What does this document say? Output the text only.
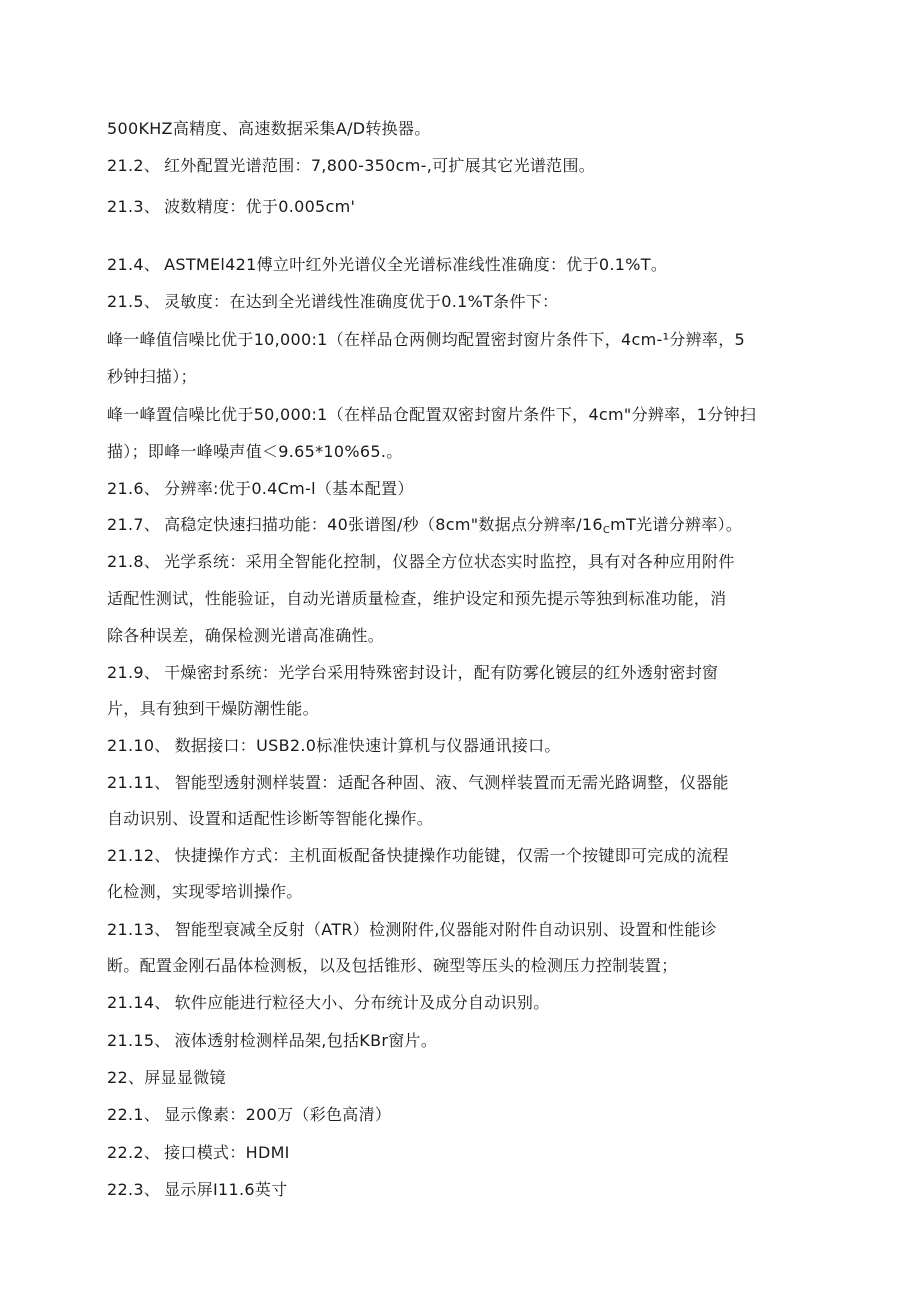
500KHZ高精度、高速数据采集A/D转换器。
21.2、 红外配置光谱范围：7,800-350cm-,可扩展其它光谱范围。
21.3、 波数精度：优于0.005cm'
21.4、 ASTMEl421傅立叶红外光谱仪全光谱标准线性准确度：优于0.1%T。
21.5、 灵敏度：在达到全光谱线性准确度优于0.1%T条件下：
峰一峰值信噪比优于10,000:1（在样品仓两侧均配置密封窗片条件下，4cm-¹分辨率，5
秒钟扫描）；
峰一峰置信噪比优于50,000:1（在样品仓配置双密封窗片条件下，4cm"分辨率，1分钟扫
描）；即峰一峰噪声值＜9.65*10%65.。
21.6、 分辨率:优于0.4Cm-l（基本配置）
21.7、 高稳定快速扫描功能：40张谱图/秒（8cm"数据点分辨率$/16_CmT$光谱分辨率）。
21.8、 光学系统：采用全智能化控制，仪器全方位状态实时监控，具有对各种应用附件
适配性测试，性能验证，自动光谱质量检查，维护设定和预先提示等独到标准功能，消
除各种误差，确保检测光谱高准确性。
21.9、 干燥密封系统：光学台采用特殊密封设计，配有防雾化镀层的红外透射密封窗
片，具有独到干燥防潮性能。
21.10、 数据接口：USB2.0标准快速计算机与仪器通讯接口。
21.11、 智能型透射测样装置：适配各种固、液、气测样装置而无需光路调整，仪器能
自动识别、设置和适配性诊断等智能化操作。
21.12、 快捷操作方式：主机面板配备快捷操作功能键，仅需一个按键即可完成的流程
化检测，实现零培训操作。
21.13、 智能型衰减全反射（ATR）检测附件,仪器能对附件自动识别、设置和性能诊
断。配置金刚石晶体检测板，以及包括锥形、碗型等压头的检测压力控制装置；
21.14、 软件应能进行粒径大小、分布统计及成分自动识别。
21.15、 液体透射检测样品架,包括KBr窗片。
22、屏显显微镜
22.1、 显示像素：200万（彩色高清）
22.2、 接口模式：HDMI
22.3、 显示屏I11.6英寸
